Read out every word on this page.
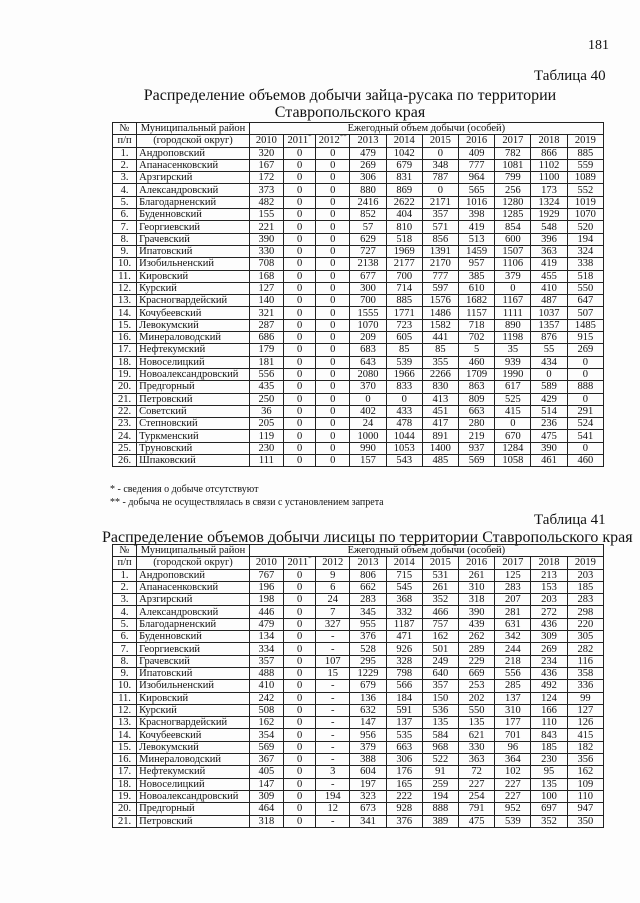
181
Таблица 40
Распределение объемов добычи зайца-русака по территории
Ставропольского края
№	Муниципальный район	Ежегодный объем добычи (особей)									
п/п	(городской округ)	2010	2011*	2012**	2013	2014	2015	2016	2017	2018	2019
1.	Андроповский	320	0	0	479	1042	0	409	782	866	885
2.	Апанасенковский	167	0	0	269	679	348	777	1081	1102	559
3.	Арзгирский	172	0	0	306	831	787	964	799	1100	1089
4.	Александровский	373	0	0	880	869	0	565	256	173	552
5.	Благодарненский	482	0	0	2416	2622	2171	1016	1280	1324	1019
6.	Буденновский	155	0	0	852	404	357	398	1285	1929	1070
7.	Георгиевский	221	0	0	57	810	571	419	854	548	520
8.	Грачевский	390	0	0	629	518	856	513	600	396	194
9.	Ипатовский	330	0	0	727	1969	1391	1459	1507	363	324
10.	Изобильненский	708	0	0	2138	2177	2170	957	1106	419	338
11.	Кировский	168	0	0	677	700	777	385	379	455	518
12.	Курский	127	0	0	300	714	597	610	0	410	550
13.	Красногвардейский	140	0	0	700	885	1576	1682	1167	487	647
14.	Кочубеевский	321	0	0	1555	1771	1486	1157	1111	1037	507
15.	Левокумский	287	0	0	1070	723	1582	718	890	1357	1485
16.	Минераловодский	686	0	0	209	605	441	702	1198	876	915
17.	Нефтекумский	179	0	0	683	85	85	5	35	55	269
18.	Новоселицкий	181	0	0	643	539	355	460	939	434	0
19.	Новоалександровский	556	0	0	2080	1966	2266	1709	1990	0	0
20.	Предгорный	435	0	0	370	833	830	863	617	589	888
21.	Петровский	250	0	0	0	0	413	809	525	429	0
22.	Советский	36	0	0	402	433	451	663	415	514	291
23.	Степновский	205	0	0	24	478	417	280	0	236	524
24.	Туркменский	119	0	0	1000	1044	891	219	670	475	541
25.	Труновский	230	0	0	990	1053	1400	937	1284	390	0
26.	Шпаковский	111	0	0	157	543	485	569	1058	461	460
* - сведения о добыче отсутствуют
** - добыча не осуществлялась в связи с установлением запрета
Таблица 41
Распределение объемов добычи лисицы по территории Ставропольского края
№	Муниципальный район	Ежегодный объем добычи (особей)									
п/п	(городской округ)	2010	2011*	2012	2013	2014	2015	2016	2017	2018	2019
1.	Андроповский	767	0	9	806	715	531	261	125	213	203
2.	Апанасенковский	196	0	6	662	545	261	310	283	153	185
3.	Арзгирский	198	0	24	283	368	352	318	207	203	283
4.	Александровский	446	0	7	345	332	466	390	281	272	298
5.	Благодарненский	479	0	327	955	1187	757	439	631	436	220
6.	Буденновский	134	0	-	376	471	162	262	342	309	305
7.	Георгиевский	334	0	-	528	926	501	289	244	269	282
8.	Грачевский	357	0	107	295	328	249	229	218	234	116
9.	Ипатовский	488	0	15	1229	798	640	669	556	436	358
10.	Изобильненский	410	0	-	679	566	357	253	285	492	336
11.	Кировский	242	0	-	136	184	150	202	137	124	99
12.	Курский	508	0	-	632	591	536	550	310	166	127
13.	Красногвардейский	162	0	-	147	137	135	135	177	110	126
14.	Кочубеевский	354	0	-	956	535	584	621	701	843	415
15.	Левокумский	569	0	-	379	663	968	330	96	185	182
16.	Минераловодский	367	0	-	388	306	522	363	364	230	356
17.	Нефтекумский	405	0	3	604	176	91	72	102	95	162
18.	Новоселицкий	147	0	-	197	165	259	227	227	135	109
19.	Новоалександровский	309	0	194	323	222	194	254	227	100	110
20.	Предгорный	464	0	12	673	928	888	791	952	697	947
21.	Петровский	318	0	-	341	376	389	475	539	352	350
